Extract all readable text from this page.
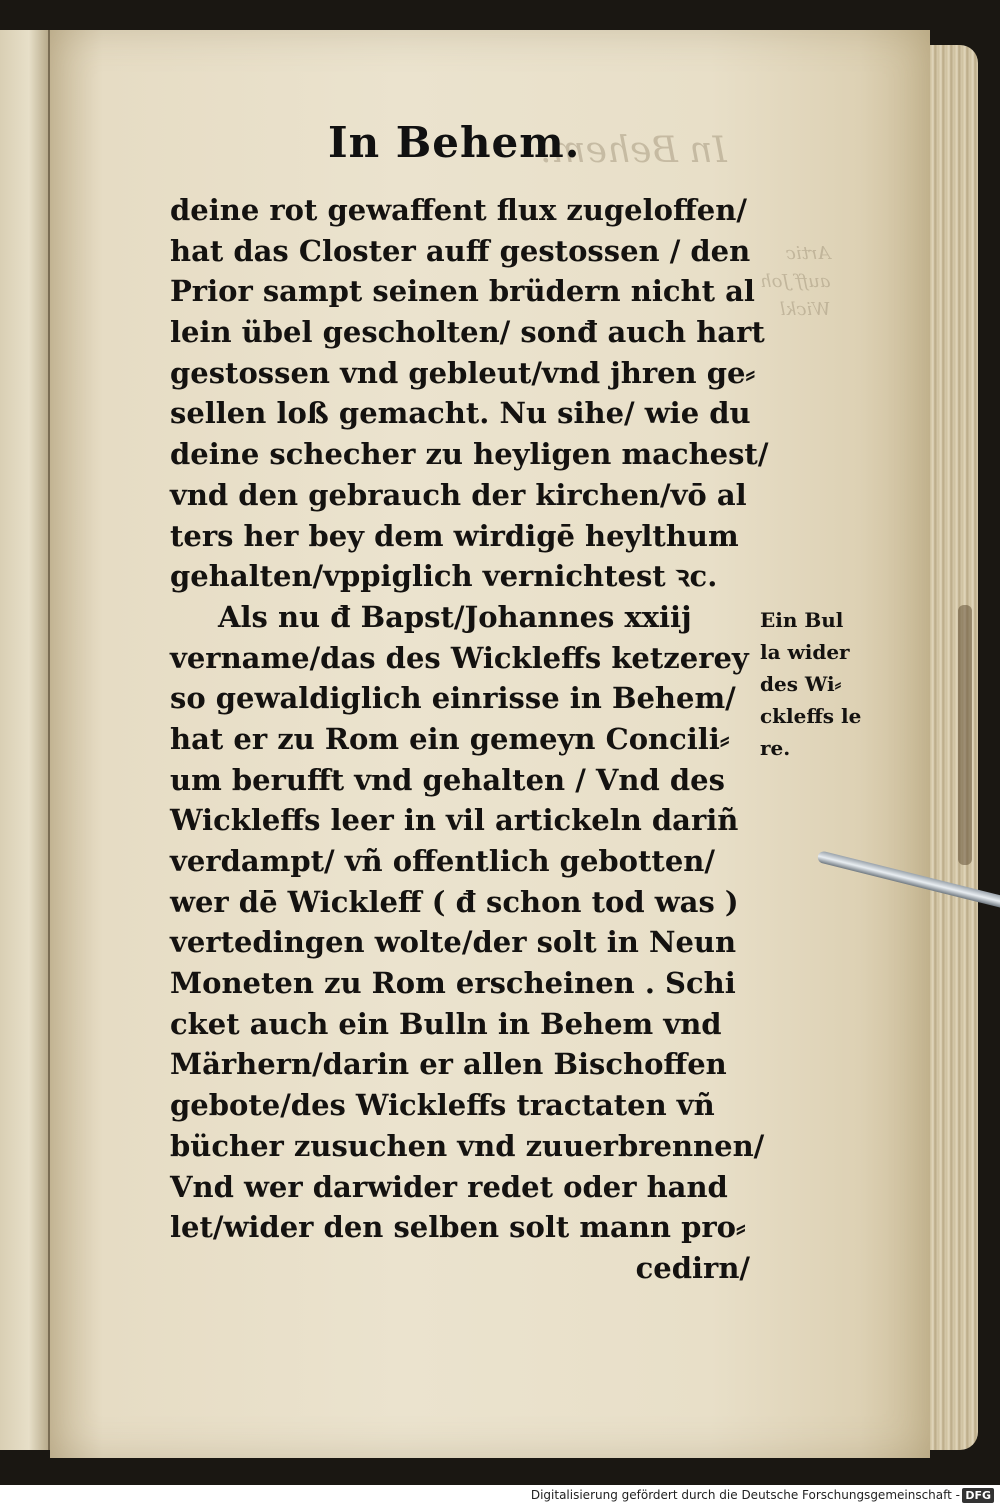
In Behem.
Artic
auff Joh
Wickl
In Behem.
deine rot gewaffent flux zugeloffen/
hat das Closter auff gestossen / den
Prior sampt seinen brüdern nicht al
lein übel gescholten/ sonđ auch hart
gestossen vnd gebleut/vnd jhren ge⸗
sellen loß gemacht. Nu sihe/ wie du
deine schecher zu heyligen machest/
vnd den gebrauch der kirchen/vō al
ters her bey dem wirdigē heylthum
gehalten/vppiglich vernichtest ꝛc.
Als nu đ Bapst/Johannes xxiij
vername/das des Wickleffs ketzerey
so gewaldiglich einrisse in Behem/
hat er zu Rom ein gemeyn Concili⸗
um berufft vnd gehalten / Vnd des
Wickleffs leer in vil artickeln dariñ
verdampt/ vñ offentlich gebotten/
wer dē Wickleff ( đ schon tod was )
vertedingen wolte/der solt in Neun
Moneten zu Rom erscheinen . Schi
cket auch ein Bulln in Behem vnd
Märhern/darin er allen Bischoffen
gebote/des Wickleffs tractaten vñ
bücher zusuchen vnd zuuerbrennen/
Vnd wer darwider redet oder hand
let/wider den selben solt mann pro⸗
cedirn/
Ein Bul
la wider
des Wi⸗
ckleffs le
re.
Digitalisierung gefördert durch die Deutsche Forschungsgemeinschaft - DFG
